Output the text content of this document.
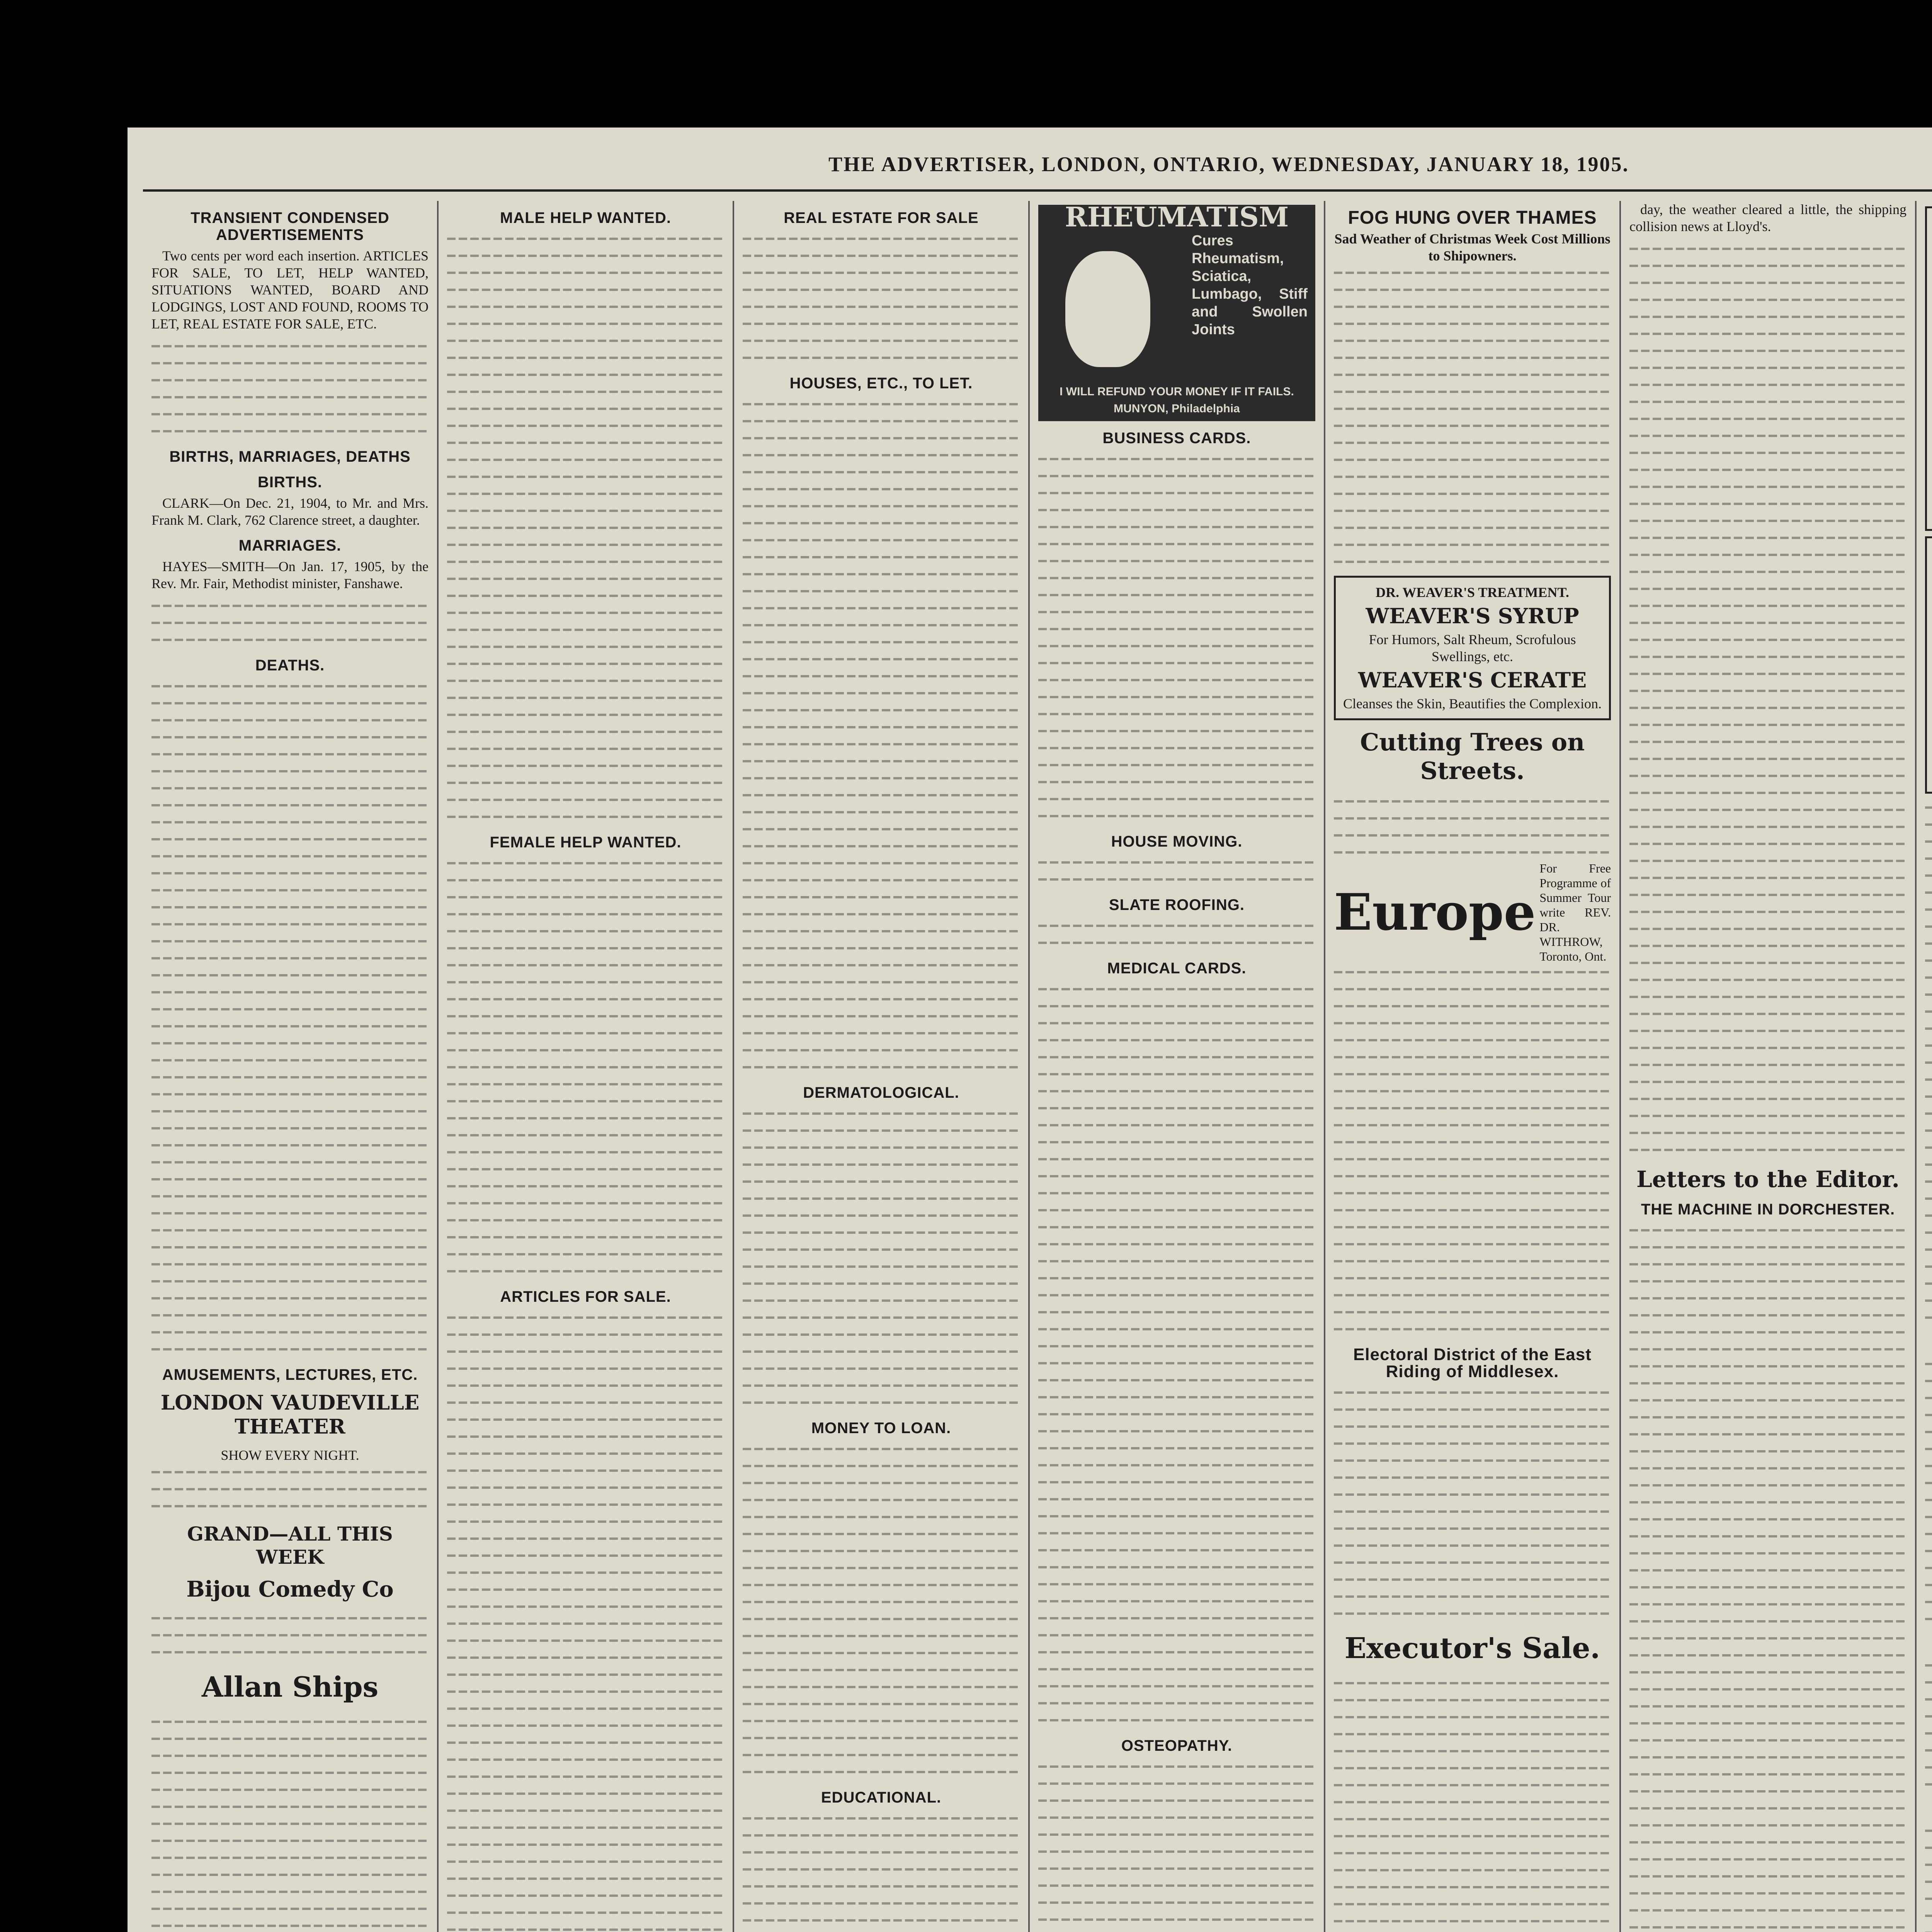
THE ADVERTISER, LONDON, ONTARIO, WEDNESDAY, JANUARY 18, 1905.
TRANSIENT CONDENSED ADVERTISEMENTS
Two cents per word each insertion. ARTICLES FOR SALE, TO LET, HELP WANTED, SITUATIONS WANTED, BOARD AND LODGINGS, LOST AND FOUND, ROOMS TO LET, REAL ESTATE FOR SALE, ETC.
BIRTHS, MARRIAGES, DEATHS
BIRTHS.
CLARK—On Dec. 21, 1904, to Mr. and Mrs. Frank M. Clark, 762 Clarence street, a daughter.
MARRIAGES.
HAYES—SMITH—On Jan. 17, 1905, by the Rev. Mr. Fair, Methodist minister, Fanshawe.
DEATHS.
AMUSEMENTS, LECTURES, ETC.
LONDON VAUDEVILLE THEATER
SHOW EVERY NIGHT.
GRAND—ALL THIS WEEK
Bijou Comedy Co
Allan Ships
MALE HELP WANTED.
FEMALE HELP WANTED.
ARTICLES FOR SALE.
REAL ESTATE FOR SALE
HOUSES, ETC., TO LET.
DERMATOLOGICAL.
MONEY TO LOAN.
EDUCATIONAL.
RHEUMATISM
Cures Rheumatism, Sciatica, Lumbago, Stiff and Swollen Joints
I WILL REFUND YOUR MONEY IF IT FAILS. MUNYON, Philadelphia
BUSINESS CARDS.
HOUSE MOVING.
SLATE ROOFING.
MEDICAL CARDS.
OSTEOPATHY.
FOG HUNG OVER THAMES
Sad Weather of Christmas Week Cost Millions to Shipowners.
DR. WEAVER'S TREATMENT.
WEAVER'S SYRUP
For Humors, Salt Rheum, Scrofulous Swellings, etc.
WEAVER'S CERATE
Cleanses the Skin, Beautifies the Complexion.
Cutting Trees on Streets.
Europe
For Free Programme of Summer Tour write REV. DR. WITHROW, Toronto, Ont.
Electoral District of the East Riding of Middlesex.
Executor's Sale.
day, the weather cleared a little, the shipping collision news at Lloyd's.
Letters to the Editor.
THE MACHINE IN DORCHESTER.
